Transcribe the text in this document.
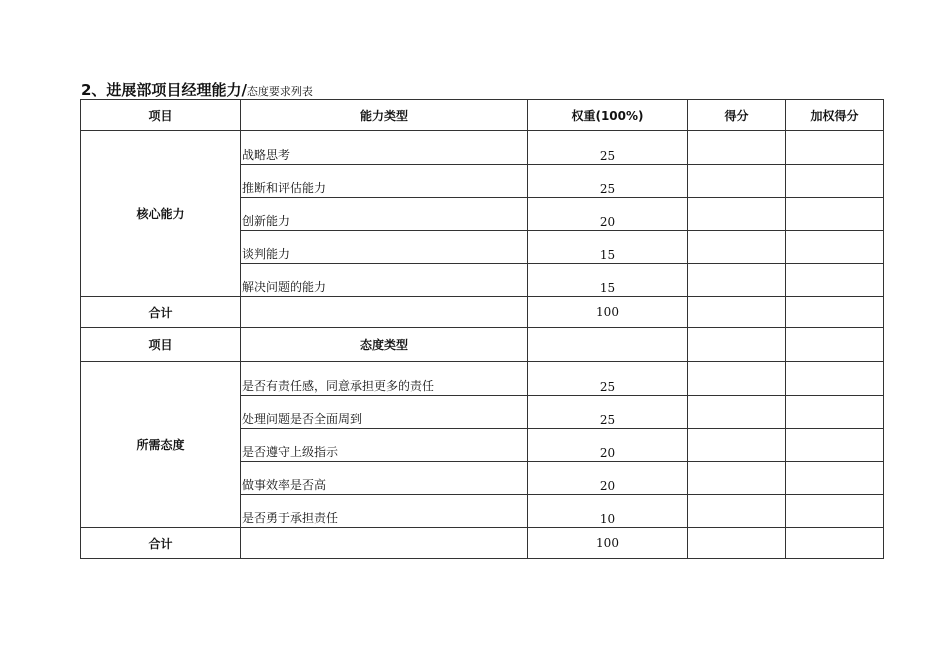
2、进展部项目经理能力/态度要求列表
项目	能力类型	权重(100%)	得分	加权得分
核心能力	战略思考	25		
	推断和评估能力	25		
	创新能力	20		
	谈判能力	15		
	解决问题的能力	15		
合计		100		
项目	态度类型			
所需态度	是否有责任感，同意承担更多的责任	25		
	处理问题是否全面周到	25		
	是否遵守上级指示	20		
	做事效率是否高	20		
	是否勇于承担责任	10		
合计		100		
